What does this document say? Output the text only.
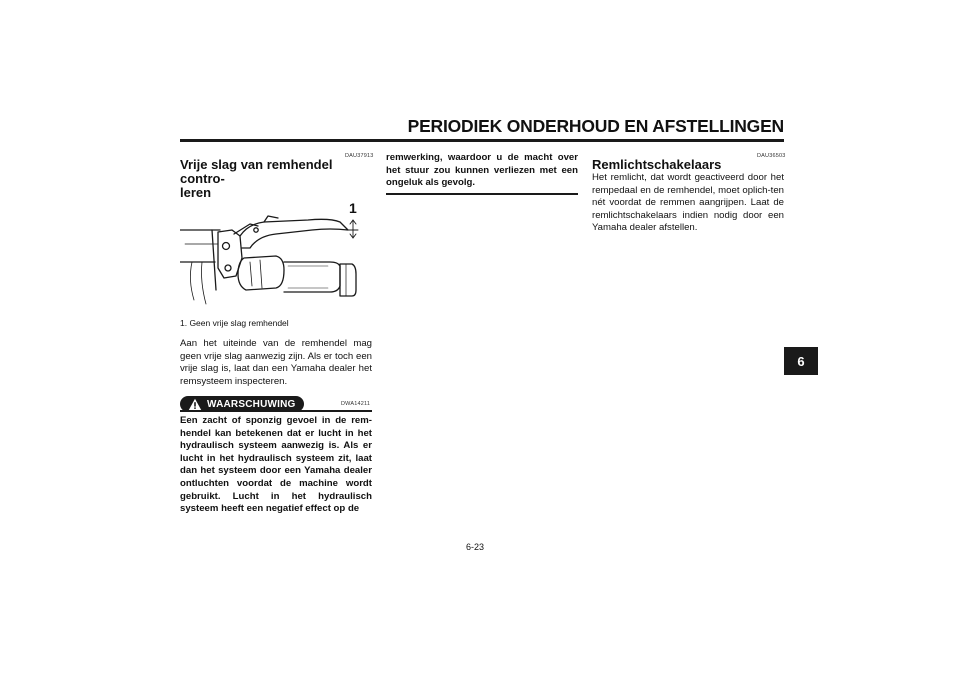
PERIODIEK ONDERHOUD EN AFSTELLINGEN
DAU37913
Vrije slag van remhendel contro-
leren
1
1. Geen vrije slag remhendel
Aan het uiteinde van de remhendel mag geen vrije slag aanwezig zijn. Als er toch een vrije slag is, laat dan een Yamaha dealer het remsysteem inspecteren.
WAARSCHUWING	DWA14211
Een zacht of sponzig gevoel in de rem-hendel kan betekenen dat er lucht in het hydraulisch systeem aanwezig is. Als er lucht in het hydraulisch systeem zit, laat dan het systeem door een Yamaha dealer ontluchten voordat de machine wordt gebruikt. Lucht in het hydraulisch systeem heeft een negatief effect op de
remwerking, waardoor u de macht over het stuur zou kunnen verliezen met een ongeluk als gevolg.
DAU36503
Remlichtschakelaars
Het remlicht, dat wordt geactiveerd door het rempedaal en de remhendel, moet oplich-ten nét voordat de remmen aangrijpen. Laat de remlichtschakelaars indien nodig door een Yamaha dealer afstellen.
6
6-23
